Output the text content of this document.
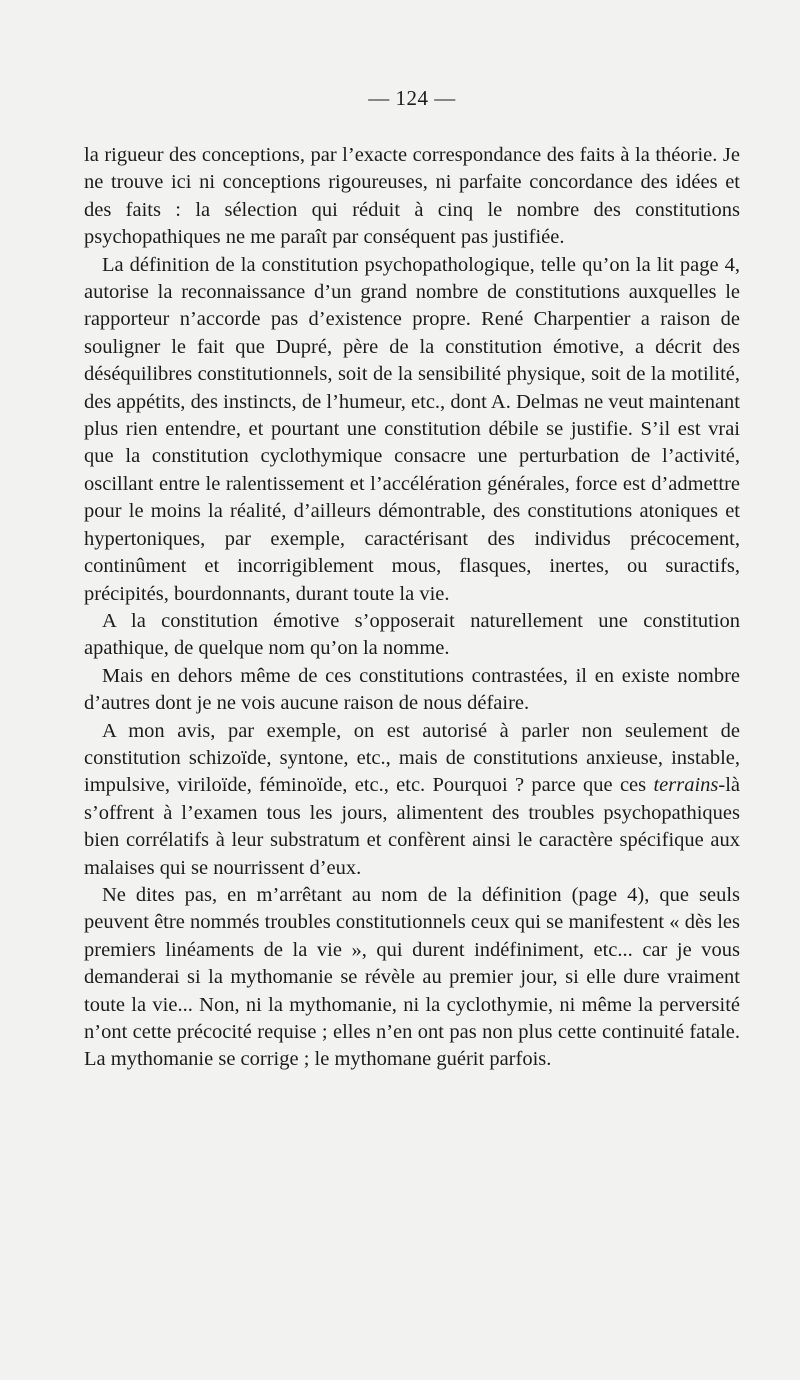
— 124 —

la rigueur des conceptions, par l’exacte correspondance des faits à la théorie. Je ne trouve ici ni conceptions rigoureuses, ni parfaite concordance des idées et des faits : la sélection qui réduit à cinq le nombre des constitutions psychopathiques ne me paraît par conséquent pas justifiée.

La définition de la constitution psychopathologique, telle qu’on la lit page 4, autorise la reconnaissance d’un grand nombre de constitutions auxquelles le rapporteur n’accorde pas d’existence propre. René Charpentier a raison de souligner le fait que Dupré, père de la constitution émotive, a décrit des déséquilibres constitutionnels, soit de la sensibilité physique, soit de la motilité, des appétits, des instincts, de l’humeur, etc., dont A. Delmas ne veut maintenant plus rien entendre, et pourtant une constitution débile se justifie. S’il est vrai que la constitution cyclothymique consacre une perturbation de l’activité, oscillant entre le ralentissement et l’accélération générales, force est d’admettre pour le moins la réalité, d’ailleurs démontrable, des constitutions atoniques et hypertoniques, par exemple, caractérisant des individus précocement, continûment et incorrigiblement mous, flasques, inertes, ou suractifs, précipités, bourdonnants, durant toute la vie.

A la constitution émotive s’opposerait naturellement une constitution apathique, de quelque nom qu’on la nomme.

Mais en dehors même de ces constitutions contrastées, il en existe nombre d’autres dont je ne vois aucune raison de nous défaire.

A mon avis, par exemple, on est autorisé à parler non seulement de constitution schizoïde, syntone, etc., mais de constitutions anxieuse, instable, impulsive, viriloïde, féminoïde, etc., etc. Pourquoi ? parce que ces terrains-là s’offrent à l’examen tous les jours, alimentent des troubles psychopathiques bien corrélatifs à leur substratum et confèrent ainsi le caractère spécifique aux malaises qui se nourrissent d’eux.

Ne dites pas, en m’arrêtant au nom de la définition (page 4), que seuls peuvent être nommés troubles constitutionnels ceux qui se manifestent « dès les premiers linéaments de la vie », qui durent indéfiniment, etc... car je vous demanderai si la mythomanie se révèle au premier jour, si elle dure vraiment toute la vie... Non, ni la mythomanie, ni la cyclothymie, ni même la perversité n’ont cette précocité requise ; elles n’en ont pas non plus cette continuité fatale. La mythomanie se corrige ; le mythomane guérit parfois.
